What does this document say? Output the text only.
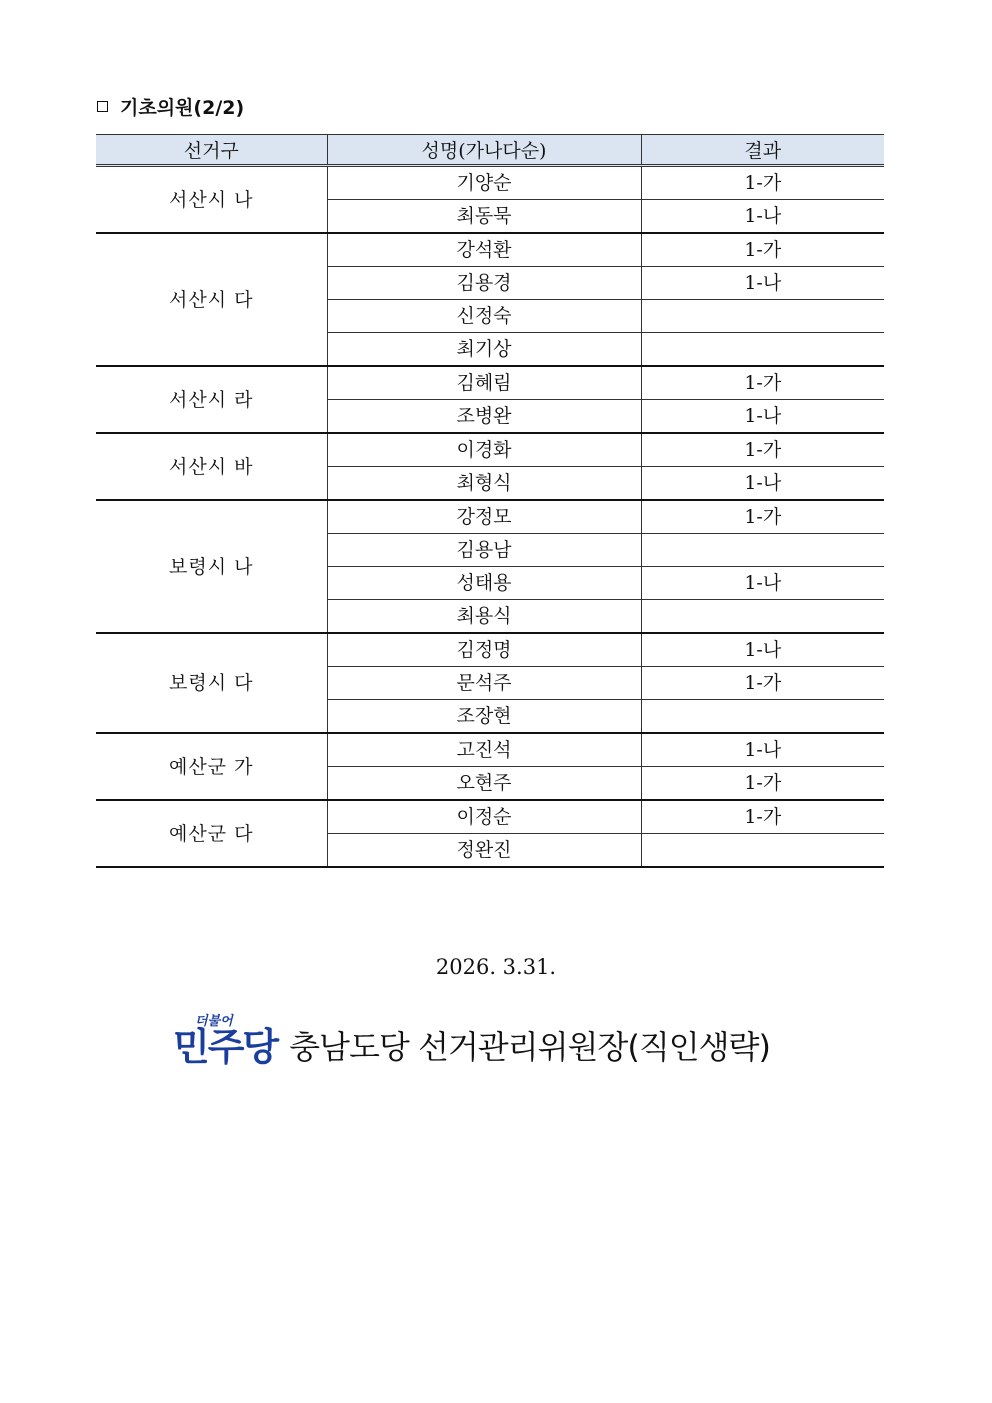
기초의원(2/2)
선거구	성명(가나다순)	결과
서산시 나	기양순	1-가
	최동묵	1-나
서산시 다	강석환	1-가
	김용경	1-나
	신정숙	
	최기상	
서산시 라	김혜림	1-가
	조병완	1-나
서산시 바	이경화	1-가
	최형식	1-나
보령시 나	강정모	1-가
	김용남	
	성태용	1-나
	최용식	
보령시 다	김정명	1-나
	문석주	1-가
	조장현	
예산군 가	고진석	1-나
	오현주	1-가
예산군 다	이정순	1-가
	정완진	
2026. 3.31.
더불어
민주당 충남도당 선거관리위원장(직인생략)
